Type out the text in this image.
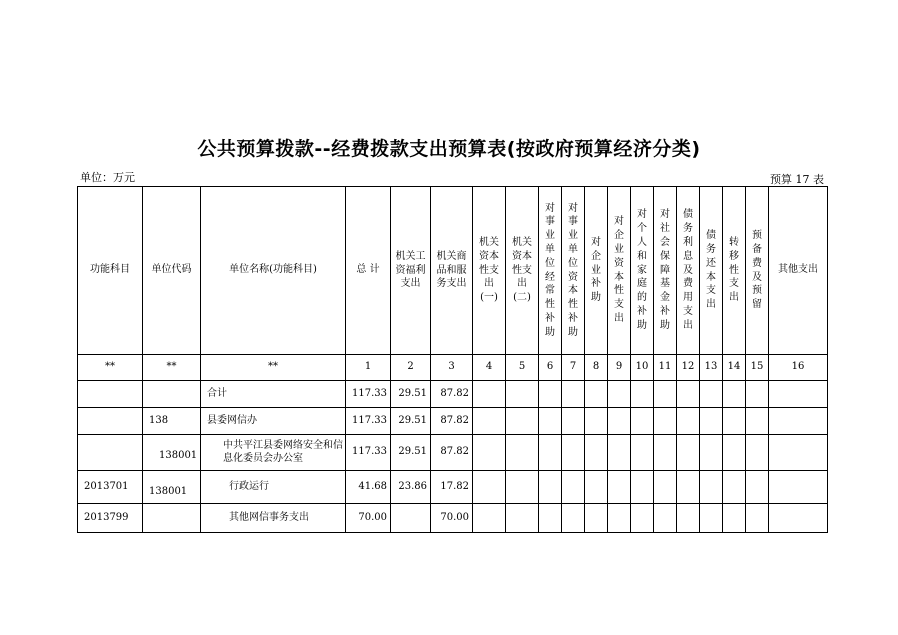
公共预算拨款--经费拨款支出预算表(按政府预算经济分类)
单位：万元	预算 17 表
功能科目	单位代码	单位名称(功能科目)	总 计	机关工资福利支出	机关商品和服务支出	机关资本性支出(一)	机关资本性支出(二)	对事业单位经常性补助	对事业单位资本性补助	对企业补助	对企业资本性支出	对个人和家庭的补助	对社会保障基金补助	债务利息及费用支出	债务还本支出	转移性支出	预备费及预留	其他支出
**	**	**	1	2	3	4	5	6	7	8	9	10	11	12	13	14	15	16
		合计	117.33	29.51	87.82													
	138	县委网信办	117.33	29.51	87.82													
	138001	中共平江县委网络安全和信息化委员会办公室	117.33	29.51	87.82													
2013701	138001	行政运行	41.68	23.86	17.82													
2013799		其他网信事务支出	70.00		70.00													
